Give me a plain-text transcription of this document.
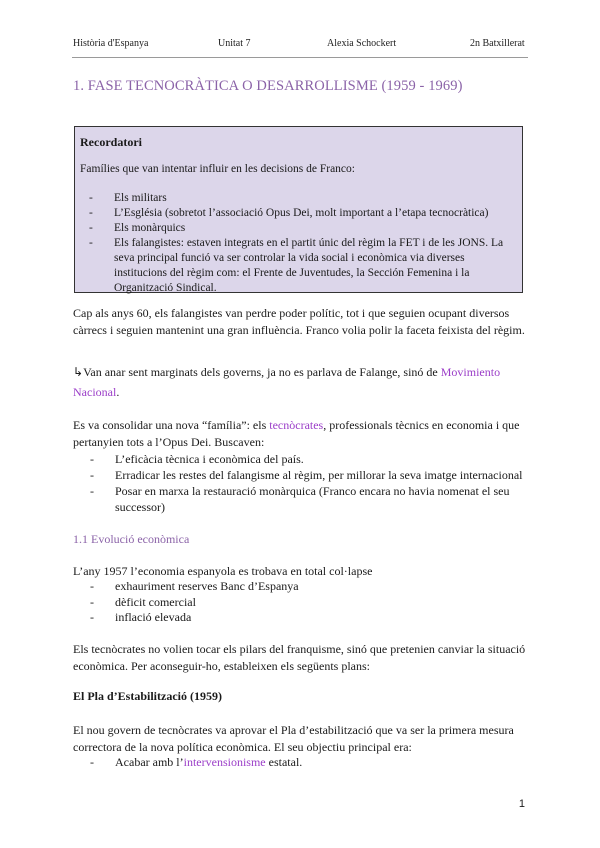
Història d'Espanya	Unitat 7	Alexia Schockert	2n Batxillerat
1. FASE TECNOCRÀTICA O DESARROLLISME (1959 - 1969)
Recordatori
Famílies que van intentar influir en les decisions de Franco:
- Els militars
- L’Església (sobretot l’associació Opus Dei, molt important a l’etapa tecnocràtica)
- Els monàrquics
- Els falangistes: estaven integrats en el partit únic del règim la FET i de les JONS. La seva principal funció va ser controlar la vida social i econòmica via diverses institucions del règim com: el Frente de Juventudes, la Sección Femenina i la Organització Sindical.
Cap als anys 60, els falangistes van perdre poder polític, tot i que seguien ocupant diversos càrrecs i seguien mantenint una gran influència. Franco volia polir la faceta feixista del règim.
↳Van anar sent marginats dels governs, ja no es parlava de Falange, sinó de Movimiento Nacional.
Es va consolidar una nova “família”: els tecnòcrates, professionals tècnics en economia i que pertanyien tots a l’Opus Dei. Buscaven:
- L’eficàcia tècnica i econòmica del país.
- Erradicar les restes del falangisme al règim, per millorar la seva imatge internacional
- Posar en marxa la restauració monàrquica (Franco encara no havia nomenat el seu successor)
1.1 Evolució econòmica
L’any 1957 l’economia espanyola es trobava en total col·lapse
- exhauriment reserves Banc d’Espanya
- dèficit comercial
- inflació elevada
Els tecnòcrates no volien tocar els pilars del franquisme, sinó que pretenien canviar la situació econòmica. Per aconseguir-ho, estableixen els següents plans:
El Pla d’Estabilització (1959)
El nou govern de tecnòcrates va aprovar el Pla d’estabilització que va ser la primera mesura correctora de la nova política econòmica. El seu objectiu principal era:
- Acabar amb l’intervensionisme estatal.
1
